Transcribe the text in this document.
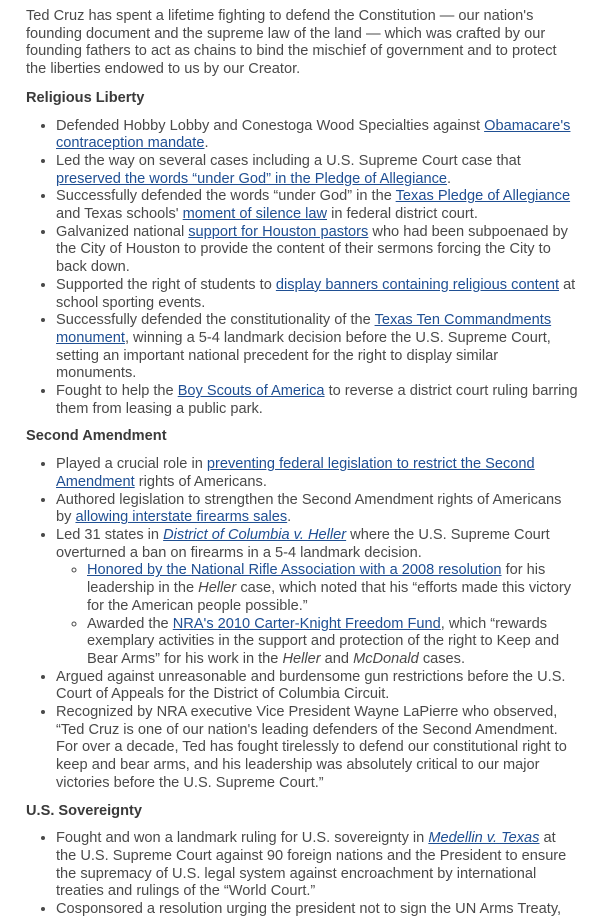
Ted Cruz has spent a lifetime fighting to defend the Constitution — our nation's founding document and the supreme law of the land — which was crafted by our founding fathers to act as chains to bind the mischief of government and to protect the liberties endowed to us by our Creator.

Religious Liberty
• Defended Hobby Lobby and Conestoga Wood Specialties against Obamacare's contraception mandate.
• Led the way on several cases including a U.S. Supreme Court case that preserved the words “under God” in the Pledge of Allegiance.
• Successfully defended the words “under God” in the Texas Pledge of Allegiance and Texas schools' moment of silence law in federal district court.
• Galvanized national support for Houston pastors who had been subpoenaed by the City of Houston to provide the content of their sermons forcing the City to back down.
• Supported the right of students to display banners containing religious content at school sporting events.
• Successfully defended the constitutionality of the Texas Ten Commandments monument, winning a 5-4 landmark decision before the U.S. Supreme Court, setting an important national precedent for the right to display similar monuments.
• Fought to help the Boy Scouts of America to reverse a district court ruling barring them from leasing a public park.
Second Amendment
• Played a crucial role in preventing federal legislation to restrict the Second Amendment rights of Americans.
• Authored legislation to strengthen the Second Amendment rights of Americans by allowing interstate firearms sales.
• Led 31 states in District of Columbia v. Heller where the U.S. Supreme Court overturned a ban on firearms in a 5-4 landmark decision.
◦ Honored by the National Rifle Association with a 2008 resolution for his leadership in the Heller case, which noted that his “efforts made this victory for the American people possible.”
◦ Awarded the NRA's 2010 Carter-Knight Freedom Fund, which “rewards exemplary activities in the support and protection of the right to Keep and Bear Arms” for his work in the Heller and McDonald cases.
• Argued against unreasonable and burdensome gun restrictions before the U.S. Court of Appeals for the District of Columbia Circuit.
• Recognized by NRA executive Vice President Wayne LaPierre who observed, “Ted Cruz is one of our nation's leading defenders of the Second Amendment. For over a decade, Ted has fought tirelessly to defend our constitutional right to keep and bear arms, and his leadership was absolutely critical to our major victories before the U.S. Supreme Court.”
U.S. Sovereignty
• Fought and won a landmark ruling for U.S. sovereignty in Medellin v. Texas at the U.S. Supreme Court against 90 foreign nations and the President to ensure the supremacy of U.S. legal system against encroachment by international treaties and rulings of the “World Court.”
• Cosponsored a resolution urging the president not to sign the UN Arms Treaty,
